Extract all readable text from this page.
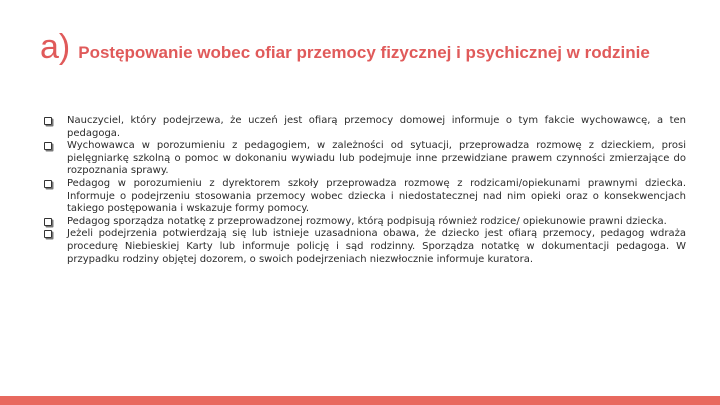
a) Postępowanie wobec ofiar przemocy fizycznej i psychicznej w rodzinie
Nauczyciel, który podejrzewa, że uczeń jest ofiarą przemocy domowej informuje o tym fakcie wychowawcę, a ten pedagoga.
Wychowawca w porozumieniu z pedagogiem, w zależności od sytuacji, przeprowadza rozmowę z dzieckiem, prosi pielęgniarkę szkolną o pomoc w dokonaniu wywiadu lub podejmuje inne przewidziane prawem czynności zmierzające do rozpoznania sprawy.
Pedagog w porozumieniu z dyrektorem szkoły przeprowadza rozmowę z rodzicami/opiekunami prawnymi dziecka. Informuje o podejrzeniu stosowania przemocy wobec dziecka i niedostatecznej nad nim opieki oraz o konsekwencjach takiego postępowania i wskazuje formy pomocy.
Pedagog sporządza notatkę z przeprowadzonej rozmowy, którą podpisują również rodzice/ opiekunowie prawni dziecka.
Jeżeli podejrzenia potwierdzają się lub istnieje uzasadniona obawa, że dziecko jest ofiarą przemocy, pedagog wdraża procedurę Niebieskiej Karty lub informuje policję i sąd rodzinny. Sporządza notatkę w dokumentacji pedagoga. W przypadku rodziny objętej dozorem, o swoich podejrzeniach niezwłocznie informuje kuratora.
